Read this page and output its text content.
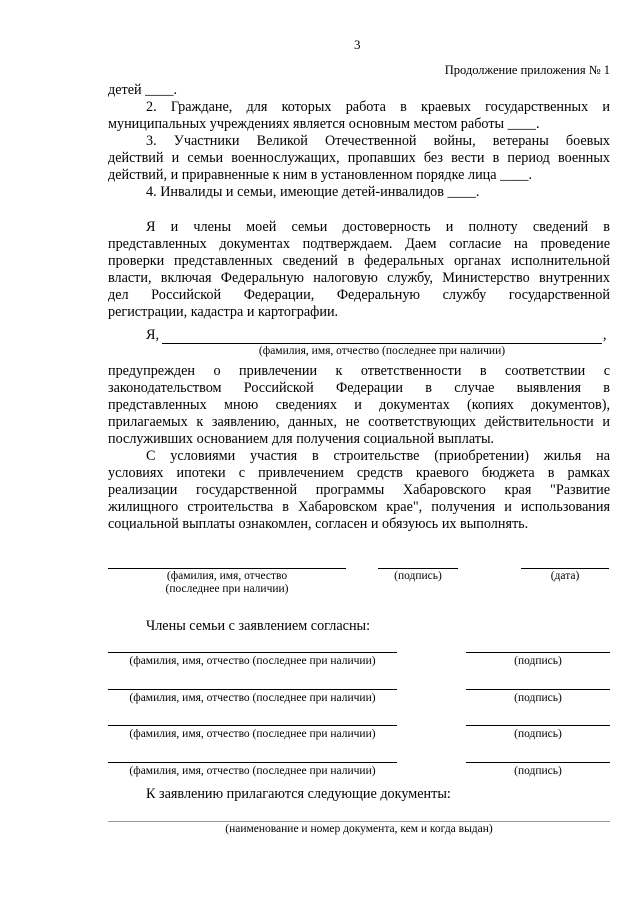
3
Продолжение приложения № 1
детей ____.
2. Граждане, для которых работа в краевых государственных и
муниципальных учреждениях является основным местом работы ____.
3. Участники Великой Отечественной войны, ветераны боевых
действий и семьи военнослужащих, пропавших без вести в период военных
действий, и приравненные к ним в установленном порядке лица ____.
4. Инвалиды и семьи, имеющие детей-инвалидов ____.
Я и члены моей семьи достоверность и полноту сведений в
представленных документах подтверждаем. Даем согласие на проведение
проверки представленных сведений в федеральных органах исполнительной
власти, включая Федеральную налоговую службу, Министерство внутренних
дел Российской Федерации, Федеральную службу государственной
регистрации, кадастра и картографии.
Я,	,
(фамилия, имя, отчество (последнее при наличии)
предупрежден о привлечении к ответственности в соответствии с
законодательством Российской Федерации в случае выявления в
представленных мною сведениях и документах (копиях документов),
прилагаемых к заявлению, данных, не соответствующих действительности и
послуживших основанием для получения социальной выплаты.
С условиями участия в строительстве (приобретении) жилья на
условиях ипотеки с привлечением средств краевого бюджета в рамках
реализации государственной программы Хабаровского края "Развитие
жилищного строительства в Хабаровском крае", получения и использования
социальной выплаты ознакомлен, согласен и обязуюсь их выполнять.
(фамилия, имя, отчество
(последнее при наличии)
(подпись)	(дата)
Члены семьи с заявлением согласны:
(фамилия, имя, отчество (последнее при наличии)	(подпись)
(фамилия, имя, отчество (последнее при наличии)	(подпись)
(фамилия, имя, отчество (последнее при наличии)	(подпись)
(фамилия, имя, отчество (последнее при наличии)	(подпись)
К заявлению прилагаются следующие документы:
(наименование и номер документа, кем и когда выдан)
